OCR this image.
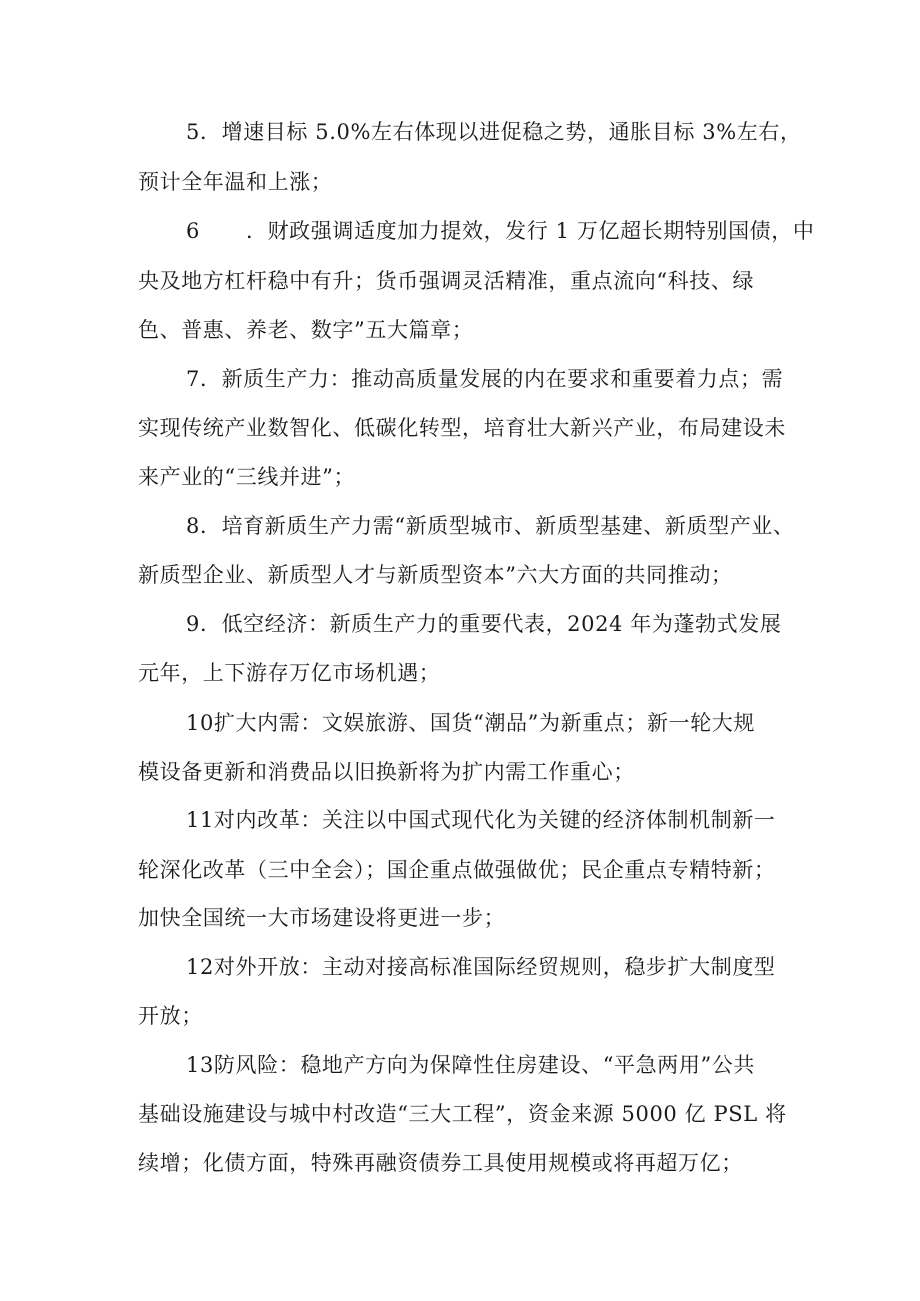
5．增速目标 5.0%左右体现以进促稳之势，通胀目标 3%左右，
预计全年温和上涨；
6 ．财政强调适度加力提效，发行 1 万亿超长期特别国债，中
央及地方杠杆稳中有升；货币强调灵活精准，重点流向“科技、绿
色、普惠、养老、数字”五大篇章；
7．新质生产力：推动高质量发展的内在要求和重要着力点；需
实现传统产业数智化、低碳化转型，培育壮大新兴产业，布局建设未
来产业的“三线并进”；
8．培育新质生产力需“新质型城市、新质型基建、新质型产业、
新质型企业、新质型人才与新质型资本”六大方面的共同推动；
9．低空经济：新质生产力的重要代表，2024 年为蓬勃式发展
元年，上下游存万亿市场机遇；
10扩大内需：文娱旅游、国货“潮品”为新重点；新一轮大规
模设备更新和消费品以旧换新将为扩内需工作重心；
11对内改革：关注以中国式现代化为关键的经济体制机制新一
轮深化改革（三中全会）；国企重点做强做优；民企重点专精特新；
加快全国统一大市场建设将更进一步；
12对外开放：主动对接高标准国际经贸规则，稳步扩大制度型
开放；
13防风险：稳地产方向为保障性住房建设、“平急两用”公共
基础设施建设与城中村改造“三大工程”，资金来源 5000 亿 PSL 将
续增；化债方面，特殊再融资债券工具使用规模或将再超万亿；
